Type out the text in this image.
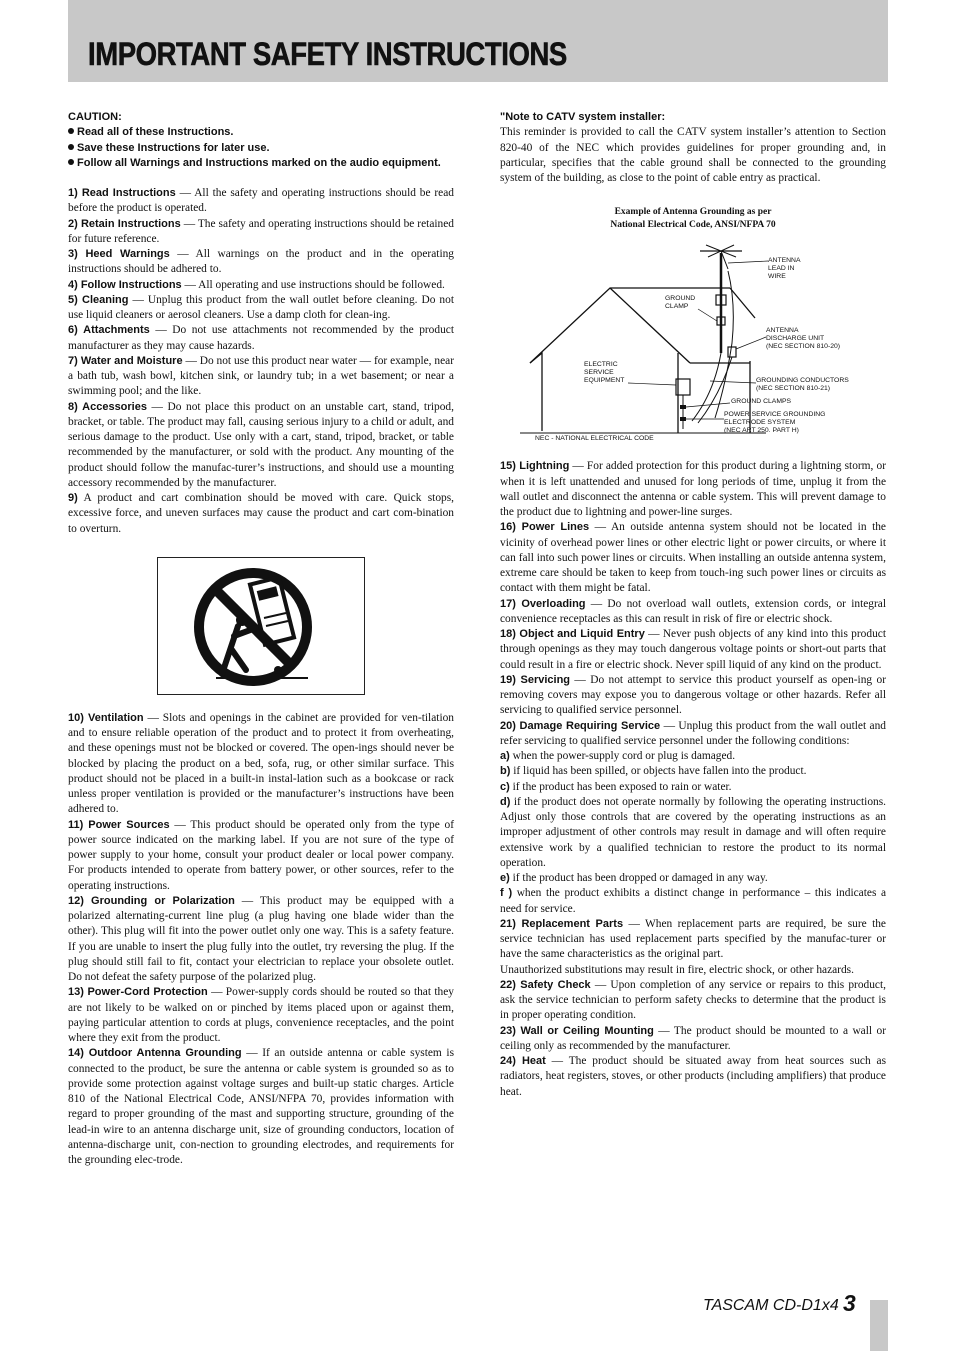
IMPORTANT SAFETY INSTRUCTIONS
CAUTION:
Read all of these Instructions.
Save these Instructions for later use.
Follow all Warnings and Instructions marked on the audio equipment.
1) Read Instructions — All the safety and operating instructions should be read before the product is operated.
2) Retain Instructions — The safety and operating instructions should be retained for future reference.
3) Heed Warnings — All warnings on the product and in the operating instructions should be adhered to.
4) Follow Instructions — All operating and use instructions should be followed.
5) Cleaning — Unplug this product from the wall outlet before cleaning. Do not use liquid cleaners or aerosol cleaners. Use a damp cloth for clean-ing.
6) Attachments — Do not use attachments not recommended by the product manufacturer as they may cause hazards.
7) Water and Moisture — Do not use this product near water — for example, near a bath tub, wash bowl, kitchen sink, or laundry tub; in a wet basement; or near a swimming pool; and the like.
8) Accessories — Do not place this product on an unstable cart, stand, tripod, bracket, or table. The product may fall, causing serious injury to a child or adult, and serious damage to the product. Use only with a cart, stand, tripod, bracket, or table recommended by the manufacturer, or sold with the product. Any mounting of the product should follow the manufac-turer’s instructions, and should use a mounting accessory recommended by the manufacturer.
9) A product and cart combination should be moved with care. Quick stops, excessive force, and uneven surfaces may cause the product and cart com-bination to overturn.
10) Ventilation — Slots and openings in the cabinet are provided for ven-tilation and to ensure reliable operation of the product and to protect it from overheating, and these openings must not be blocked or covered. The open-ings should never be blocked by placing the product on a bed, sofa, rug, or other similar surface. This product should not be placed in a built-in instal-lation such as a bookcase or rack unless proper ventilation is provided or the manufacturer’s instructions have been adhered to.
11) Power Sources — This product should be operated only from the type of power source indicated on the marking label. If you are not sure of the type of power supply to your home, consult your product dealer or local power company. For products intended to operate from battery power, or other sources, refer to the operating instructions.
12) Grounding or Polarization — This product may be equipped with a polarized alternating-current line plug (a plug having one blade wider than the other). This plug will fit into the power outlet only one way. This is a safety feature. If you are unable to insert the plug fully into the outlet, try reversing the plug. If the plug should still fail to fit, contact your electrician to replace your obsolete outlet. Do not defeat the safety purpose of the polarized plug.
13) Power-Cord Protection — Power-supply cords should be routed so that they are not likely to be walked on or pinched by items placed upon or against them, paying particular attention to cords at plugs, convenience receptacles, and the point where they exit from the product.
14) Outdoor Antenna Grounding — If an outside antenna or cable system is connected to the product, be sure the antenna or cable system is grounded so as to provide some protection against voltage surges and built-up static charges. Article 810 of the National Electrical Code, ANSI/NFPA 70, provides information with regard to proper grounding of the mast and supporting structure, grounding of the lead-in wire to an antenna discharge unit, size of grounding conductors, location of antenna-discharge unit, con-nection to grounding electrodes, and requirements for the grounding elec-trode.
"Note to CATV system installer:
This reminder is provided to call the CATV system installer’s attention to Section 820-40 of the NEC which provides guidelines for proper grounding and, in particular, specifies that the cable ground shall be connected to the grounding system of the building, as close to the point of cable entry as practical.
Example of Antenna Grounding as per
National Electrical Code, ANSI/NFPA 70
ANTENNA
LEAD IN
WIRE
GROUND
CLAMP
ANTENNA
DISCHARGE UNIT
(NEC SECTION 810-20)
ELECTRIC
SERVICE
EQUIPMENT	GROUNDING CONDUCTORS
(NEC SECTION 810-21)
GROUND CLAMPS
POWER SERVICE GROUNDING
ELECTRODE SYSTEM
(NEC ART 250. PART H)
NEC - NATIONAL ELECTRICAL CODE
15) Lightning — For added protection for this product during a lightning storm, or when it is left unattended and unused for long periods of time, unplug it from the wall outlet and disconnect the antenna or cable system. This will prevent damage to the product due to lightning and power-line surges.
16) Power Lines — An outside antenna system should not be located in the vicinity of overhead power lines or other electric light or power circuits, or where it can fall into such power lines or circuits. When installing an outside antenna system, extreme care should be taken to keep from touch-ing such power lines or circuits as contact with them might be fatal.
17) Overloading — Do not overload wall outlets, extension cords, or integral convenience receptacles as this can result in risk of fire or electric shock.
18) Object and Liquid Entry — Never push objects of any kind into this product through openings as they may touch dangerous voltage points or short-out parts that could result in a fire or electric shock. Never spill liquid of any kind on the product.
19) Servicing — Do not attempt to service this product yourself as open-ing or removing covers may expose you to dangerous voltage or other hazards. Refer all servicing to qualified service personnel.
20) Damage Requiring Service — Unplug this product from the wall outlet and refer servicing to qualified service personnel under the following conditions:
a) when the power-supply cord or plug is damaged.
b) if liquid has been spilled, or objects have fallen into the product.
c) if the product has been exposed to rain or water.
d) if the product does not operate normally by following the operating instructions. Adjust only those controls that are covered by the operating instructions as an improper adjustment of other controls may result in damage and will often require extensive work by a qualified technician to restore the product to its normal operation.
e) if the product has been dropped or damaged in any way.
f ) when the product exhibits a distinct change in performance – this indicates a need for service.
21) Replacement Parts — When replacement parts are required, be sure the service technician has used replacement parts specified by the manufac-turer or have the same characteristics as the original part.
Unauthorized substitutions may result in fire, electric shock, or other hazards.
22) Safety Check — Upon completion of any service or repairs to this product, ask the service technician to perform safety checks to determine that the product is in proper operating condition.
23) Wall or Ceiling Mounting — The product should be mounted to a wall or ceiling only as recommended by the manufacturer.
24) Heat — The product should be situated away from heat sources such as radiators, heat registers, stoves, or other products (including amplifiers) that produce heat.
TASCAM CD-D1x4 3
